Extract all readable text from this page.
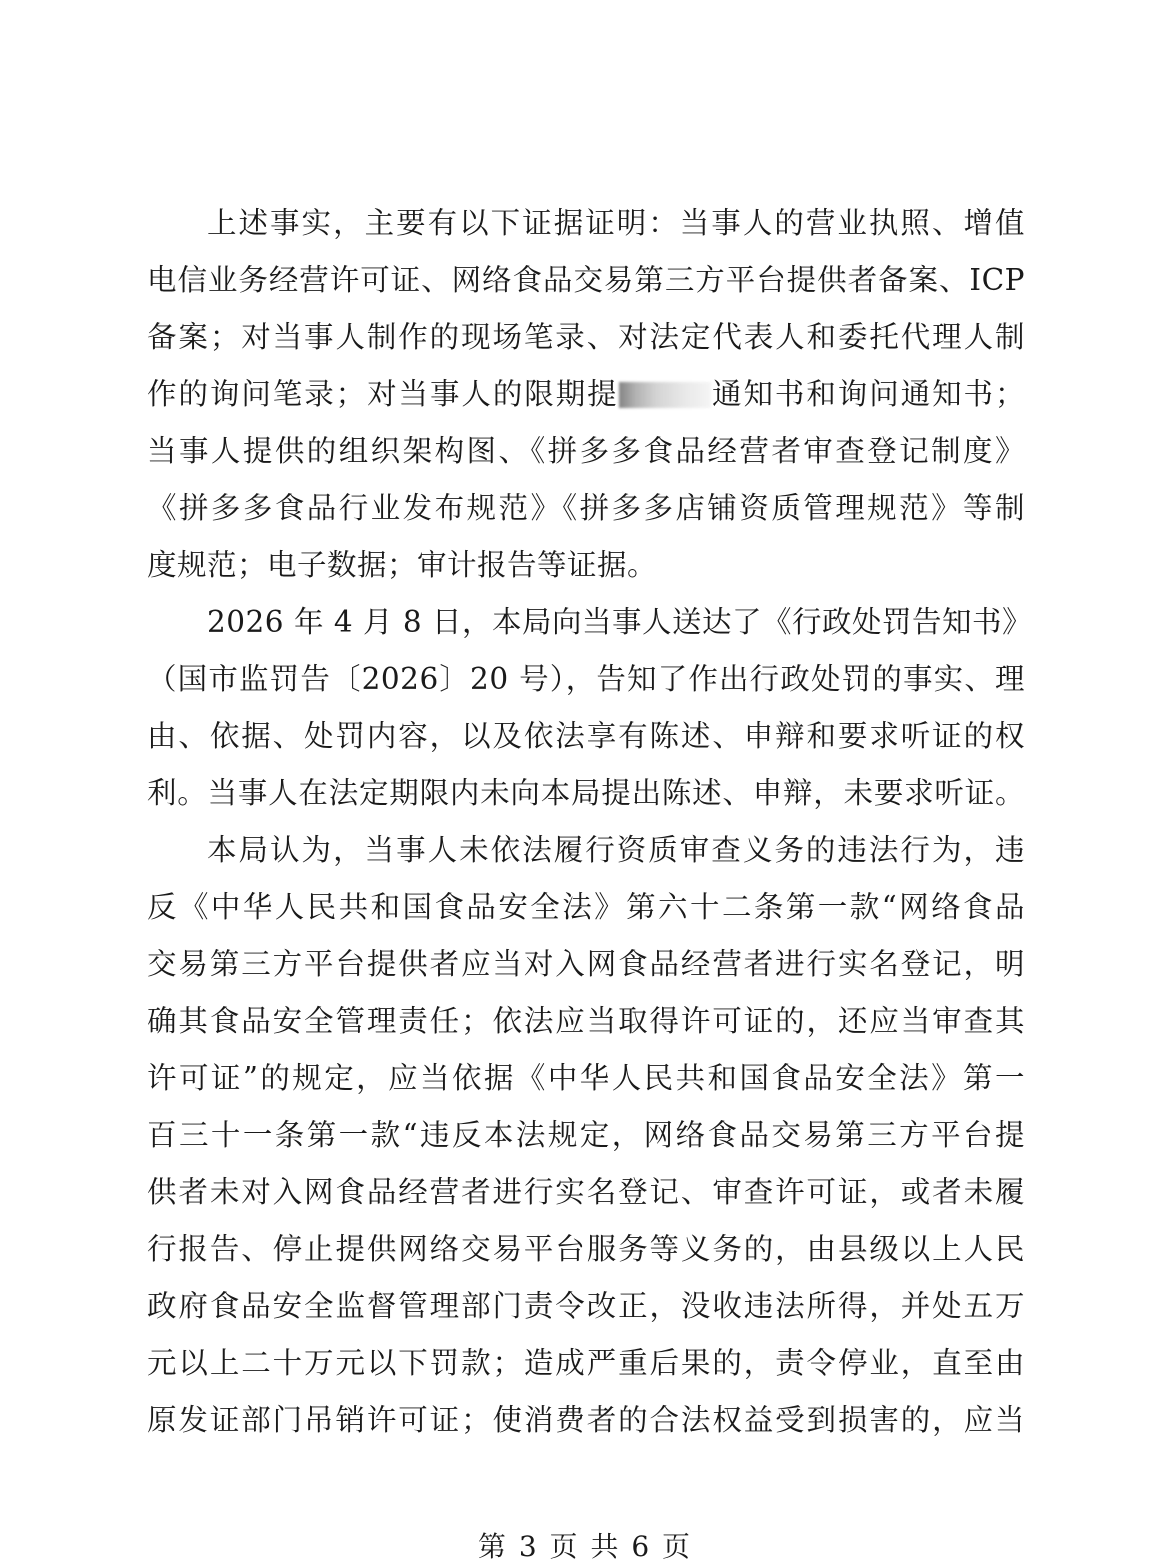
上述事实，主要有以下证据证明：当事人的营业执照、增值
电信业务经营许可证、网络食品交易第三方平台提供者备案、ICP
备案；对当事人制作的现场笔录、对法定代表人和委托代理人制
作的询问笔录；对当事人的限期提	通知书和询问通知书；
当事人提供的组织架构图、《拼多多食品经营者审查登记制度》
《拼多多食品行业发布规范》《拼多多店铺资质管理规范》等制
度规范；电子数据；审计报告等证据。
2026 年 4 月 8 日，本局向当事人送达了《行政处罚告知书》
（国市监罚告〔2026〕20 号），告知了作出行政处罚的事实、理
由、依据、处罚内容，以及依法享有陈述、申辩和要求听证的权
利。当事人在法定期限内未向本局提出陈述、申辩，未要求听证。
本局认为，当事人未依法履行资质审查义务的违法行为，违
反《中华人民共和国食品安全法》第六十二条第一款“网络食品
交易第三方平台提供者应当对入网食品经营者进行实名登记，明
确其食品安全管理责任；依法应当取得许可证的，还应当审查其
许可证”的规定，应当依据《中华人民共和国食品安全法》第一
百三十一条第一款“违反本法规定，网络食品交易第三方平台提
供者未对入网食品经营者进行实名登记、审查许可证，或者未履
行报告、停止提供网络交易平台服务等义务的，由县级以上人民
政府食品安全监督管理部门责令改正，没收违法所得，并处五万
元以上二十万元以下罚款；造成严重后果的，责令停业，直至由
原发证部门吊销许可证；使消费者的合法权益受到损害的，应当
第 3 页 共 6 页
